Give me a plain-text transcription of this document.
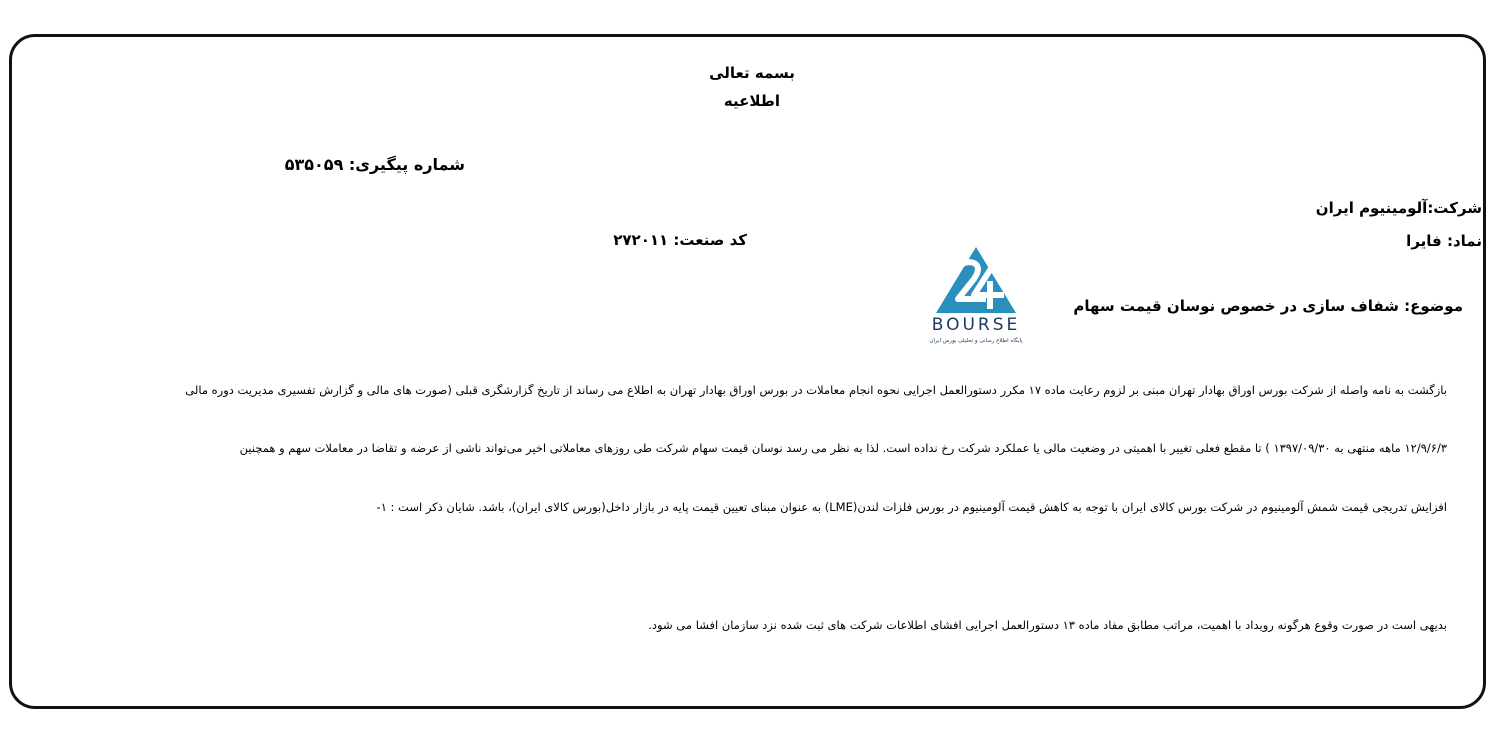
بسمه تعالی
اطلاعیه
شماره پیگیری: ۵۳۵۰۵۹
شرکت:آلومینیوم ایران
نماد: فایرا
کد صنعت: ۲۷۲۰۱۱
موضوع: شفاف سازی در خصوص نوسان قیمت سهام
BOURSE
پایگاه اطلاع رسانی و تحلیلی بورس ایران
بازگشت به نامه واصله از شرکت بورس اوراق بهادار تهران مبنی بر لزوم رعایت ماده ۱۷ مکرر دستورالعمل اجرایی نحوه انجام معاملات در بورس اوراق بهادار تهران به اطلاع می رساند از تاریخ گزارشگری قبلی (صورت های مالی و گزارش تفسیری مدیریت دوره مالی
۱۲/۹/۶/۳ ماهه منتهی به ۱۳۹۷/۰۹/۳۰ ) تا مقطع فعلی تغییر با اهمیتی در وضعیت مالی یا عملکرد شرکت رخ نداده است. لذا به نظر می رسد نوسان قیمت سهام شرکت طی روزهای معاملاتی اخیر می‌تواند ناشی از عرضه و تقاضا در معاملات سهم و همچنین
افزایش تدریجی قیمت شمش آلومینیوم در شرکت بورس کالای ایران با توجه به کاهش قیمت آلومینیوم در بورس فلزات لندن(LME) به عنوان مبنای تعیین قیمت پایه در بازار داخل(بورس کالای ایران)، باشد. شایان ذکر است : ۱-
بدیهی است در صورت وقوع هرگونه رویداد با اهمیت، مراتب مطابق مفاد ماده ۱۳ دستورالعمل اجرایی افشای اطلاعات شرکت های ثبت شده نزد سازمان افشا می شود.
